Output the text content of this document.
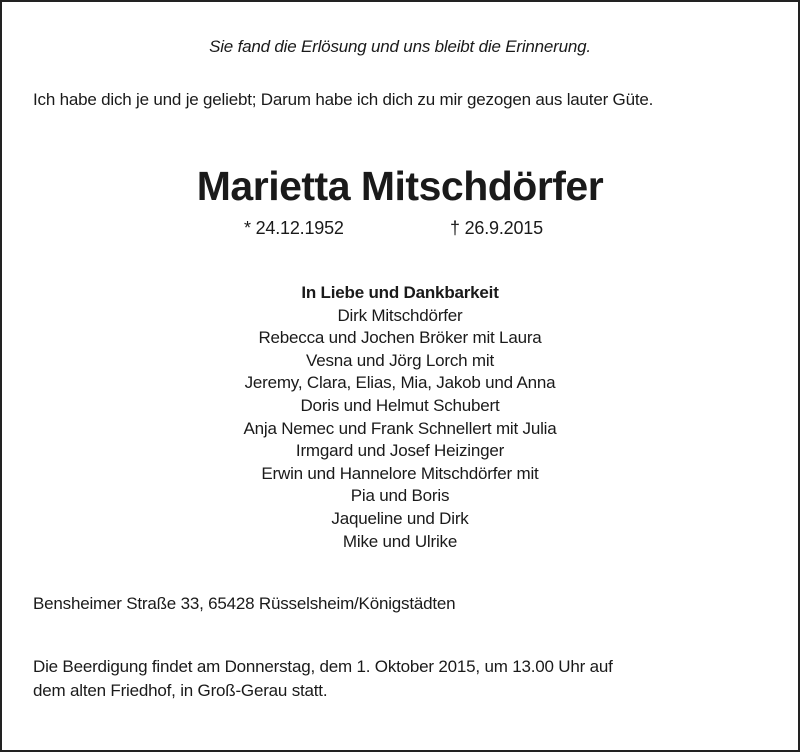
Sie fand die Erlösung und uns bleibt die Erinnerung.
Ich habe dich je und je geliebt; Darum habe ich dich zu mir gezogen aus lauter Güte.
Marietta Mitschdörfer
* 24.12.1952	† 26.9.2015
In Liebe und Dankbarkeit
Dirk Mitschdörfer
Rebecca und Jochen Bröker mit Laura
Vesna und Jörg Lorch mit
Jeremy, Clara, Elias, Mia, Jakob und Anna
Doris und Helmut Schubert
Anja Nemec und Frank Schnellert mit Julia
Irmgard und Josef Heizinger
Erwin und Hannelore Mitschdörfer mit
Pia und Boris
Jaqueline und Dirk
Mike und Ulrike
Bensheimer Straße 33, 65428 Rüsselsheim/Königstädten
Die Beerdigung findet am Donnerstag, dem 1. Oktober 2015, um 13.00 Uhr auf
dem alten Friedhof, in Groß-Gerau statt.
